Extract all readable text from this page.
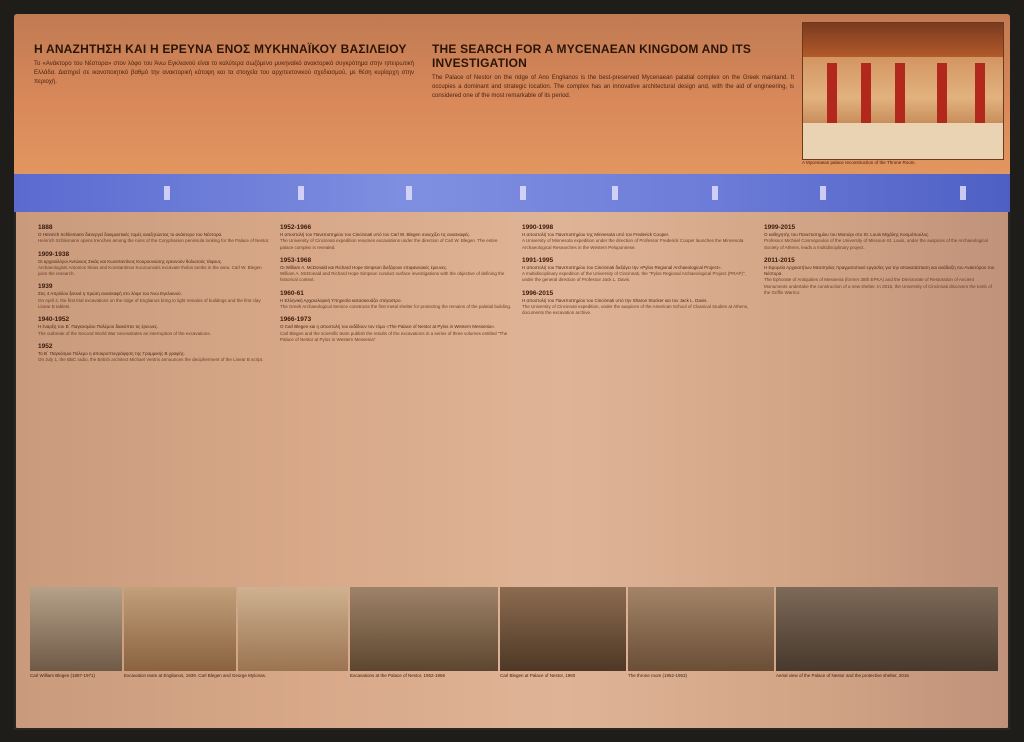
Η ΑΝΑΖΗΤΗΣΗ ΚΑΙ Η ΕΡΕΥΝΑ ΕΝΟΣ ΜΥΚΗΝΑΪΚΟΥ ΒΑΣΙΛΕΙΟΥ

Το «Ανάκτορο του Νέστορα» στον λόφο του Άνω Εγκλιανού είναι το καλύτερα σωζόμενο μυκηναϊκό ανακτορικό συγκρότημα στην ηπειρωτική Ελλάδα. Διατηρεί σε ικανοποιητικό βαθμό την ανακτορική κάτοψη και τα στοιχεία του αρχιτεκτονικού σχεδιασμού, με θέση κυρίαρχη στην περιοχή.

THE SEARCH FOR A MYCENAEAN KINGDOM AND ITS INVESTIGATION

The Palace of Nestor on the ridge of Ano Englianos is the best-preserved Mycenaean palatial complex on the Greek mainland. It occupies a dominant and strategic location. The complex has an innovative architectural design and, with the aid of engineering, is considered one of the most remarkable of its period.

A Mycenaean palace reconstruction of the Throne Room.

1888

Ο Heinrich Schliemann διενεργεί δοκιμαστικές τομές αναζητώντας το ανάκτορο του Νέστορα.

Heinrich Schliemann opens trenches among the ruins of the Coryphasion peninsula looking for the Palace of Nestor.

1909-1938

Οι αρχαιολόγοι Αντώνιος Σκιάς και Κωνσταντίνος Κουρουνιώτης ερευνούν θολωτούς τάφους.

Archaeologists Antonios Skias and Konstantinos Kourouniotis excavate tholos tombs in the area. Carl W. Blegen joins the research.

1939

Στις 4 Απριλίου ξεκινά η πρώτη ανασκαφή στο λόφο του Άνω Εγκλιανού.

On April 4, the first trial excavations on the ridge of Englianos bring to light remains of buildings and the first clay Linear B tablets.

1940-1952

Η έναρξη του Β΄ Παγκοσμίου Πολέμου διακόπτει τις έρευνες.

The outbreak of the Second World War necessitates an interruption of the excavations.

1952

Το Β΄ Παγκόσμιο Πόλεμο η αποκρυπτογράφηση της Γραμμικής Β γραφής.

On July 1, the BBC radio, the British architect Michael Ventris announces the decipherment of the Linear B script.

1952-1966

Η αποστολή του Πανεπιστημίου του Cincinnati υπό τον Carl W. Blegen συνεχίζει τις ανασκαφές.

The University of Cincinnati expedition resumes excavations under the direction of Carl W. Blegen. The entire palace complex is revealed.

1953-1968

Οι William A. McDonald και Richard Hope Simpson διεξάγουν επιφανειακές έρευνες.

William A. McDonald and Richard Hope Simpson conduct surface investigations with the objective of defining the historical context.

1960-61

Η Ελληνική Αρχαιολογική Υπηρεσία κατασκευάζει στέγαστρο.

The Greek Archaeological Service constructs the first metal shelter for protecting the remains of the palatial building.

1966-1973

Ο Carl Blegen και η αποστολή του εκδίδουν τον τόμο «The Palace of Nestor at Pylos in Western Messenia».

Carl Blegen and the scientific team publish the results of the excavations in a series of three volumes entitled "The Palace of Nestor at Pylos in Western Messenia".

1990-1998

Η αποστολή του Πανεπιστημίου της Minnesota υπό τον Frederick Cooper.

A University of Minnesota expedition under the direction of Professor Frederick Cooper launches the Minnesota Archaeological Researches in the Western Peloponnese.

1991-1995

Η αποστολή του Πανεπιστημίου του Cincinnati διεξάγει την «Pylos Regional Archaeological Project».

A multidisciplinary expedition of the University of Cincinnati, the "Pylos Regional Archaeological Project (PRAP)", under the general direction of Professor Jack L. Davis.

1996-2015

Η αποστολή του Πανεπιστημίου του Cincinnati υπό την Sharon Stocker και τον Jack L. Davis.

The University of Cincinnati expedition, under the auspices of the American School of Classical Studies at Athens, documents the excavation archive.

1999-2015

Ο καθηγητής του Πανεπιστημίου του Μισούρι στο St. Louis Μιχάλης Κοσμόπουλος.

Professor Michael Cosmopoulos of the University of Missouri-St. Louis, under the auspices of the Archaeological Society of Athens, leads a multidisciplinary project.

2011-2015

Η Εφορεία Αρχαιοτήτων Μεσσηνίας πραγματοποιεί εργασίες για την αποκατάσταση και ανάδειξη του Ανακτόρου του Νέστορα.

The Ephorate of Antiquities of Messenia (former 38th EPKA) and the Directorate of Restoration of Ancient Monuments undertake the construction of a new shelter. In 2015, the University of Cincinnati discovers the tomb of the Griffin Warrior.

Carl William Blegen (1887-1971)	Excavation team at Englianos, 1939. Carl Blegen and George Mylonas.	Excavations at the Palace of Nestor, 1952-1966	Carl Blegen at Palace of Nestor, 1960	The throne room (1952-1953)	Aerial view of the Palace of Nestor and the protective shelter, 2016
